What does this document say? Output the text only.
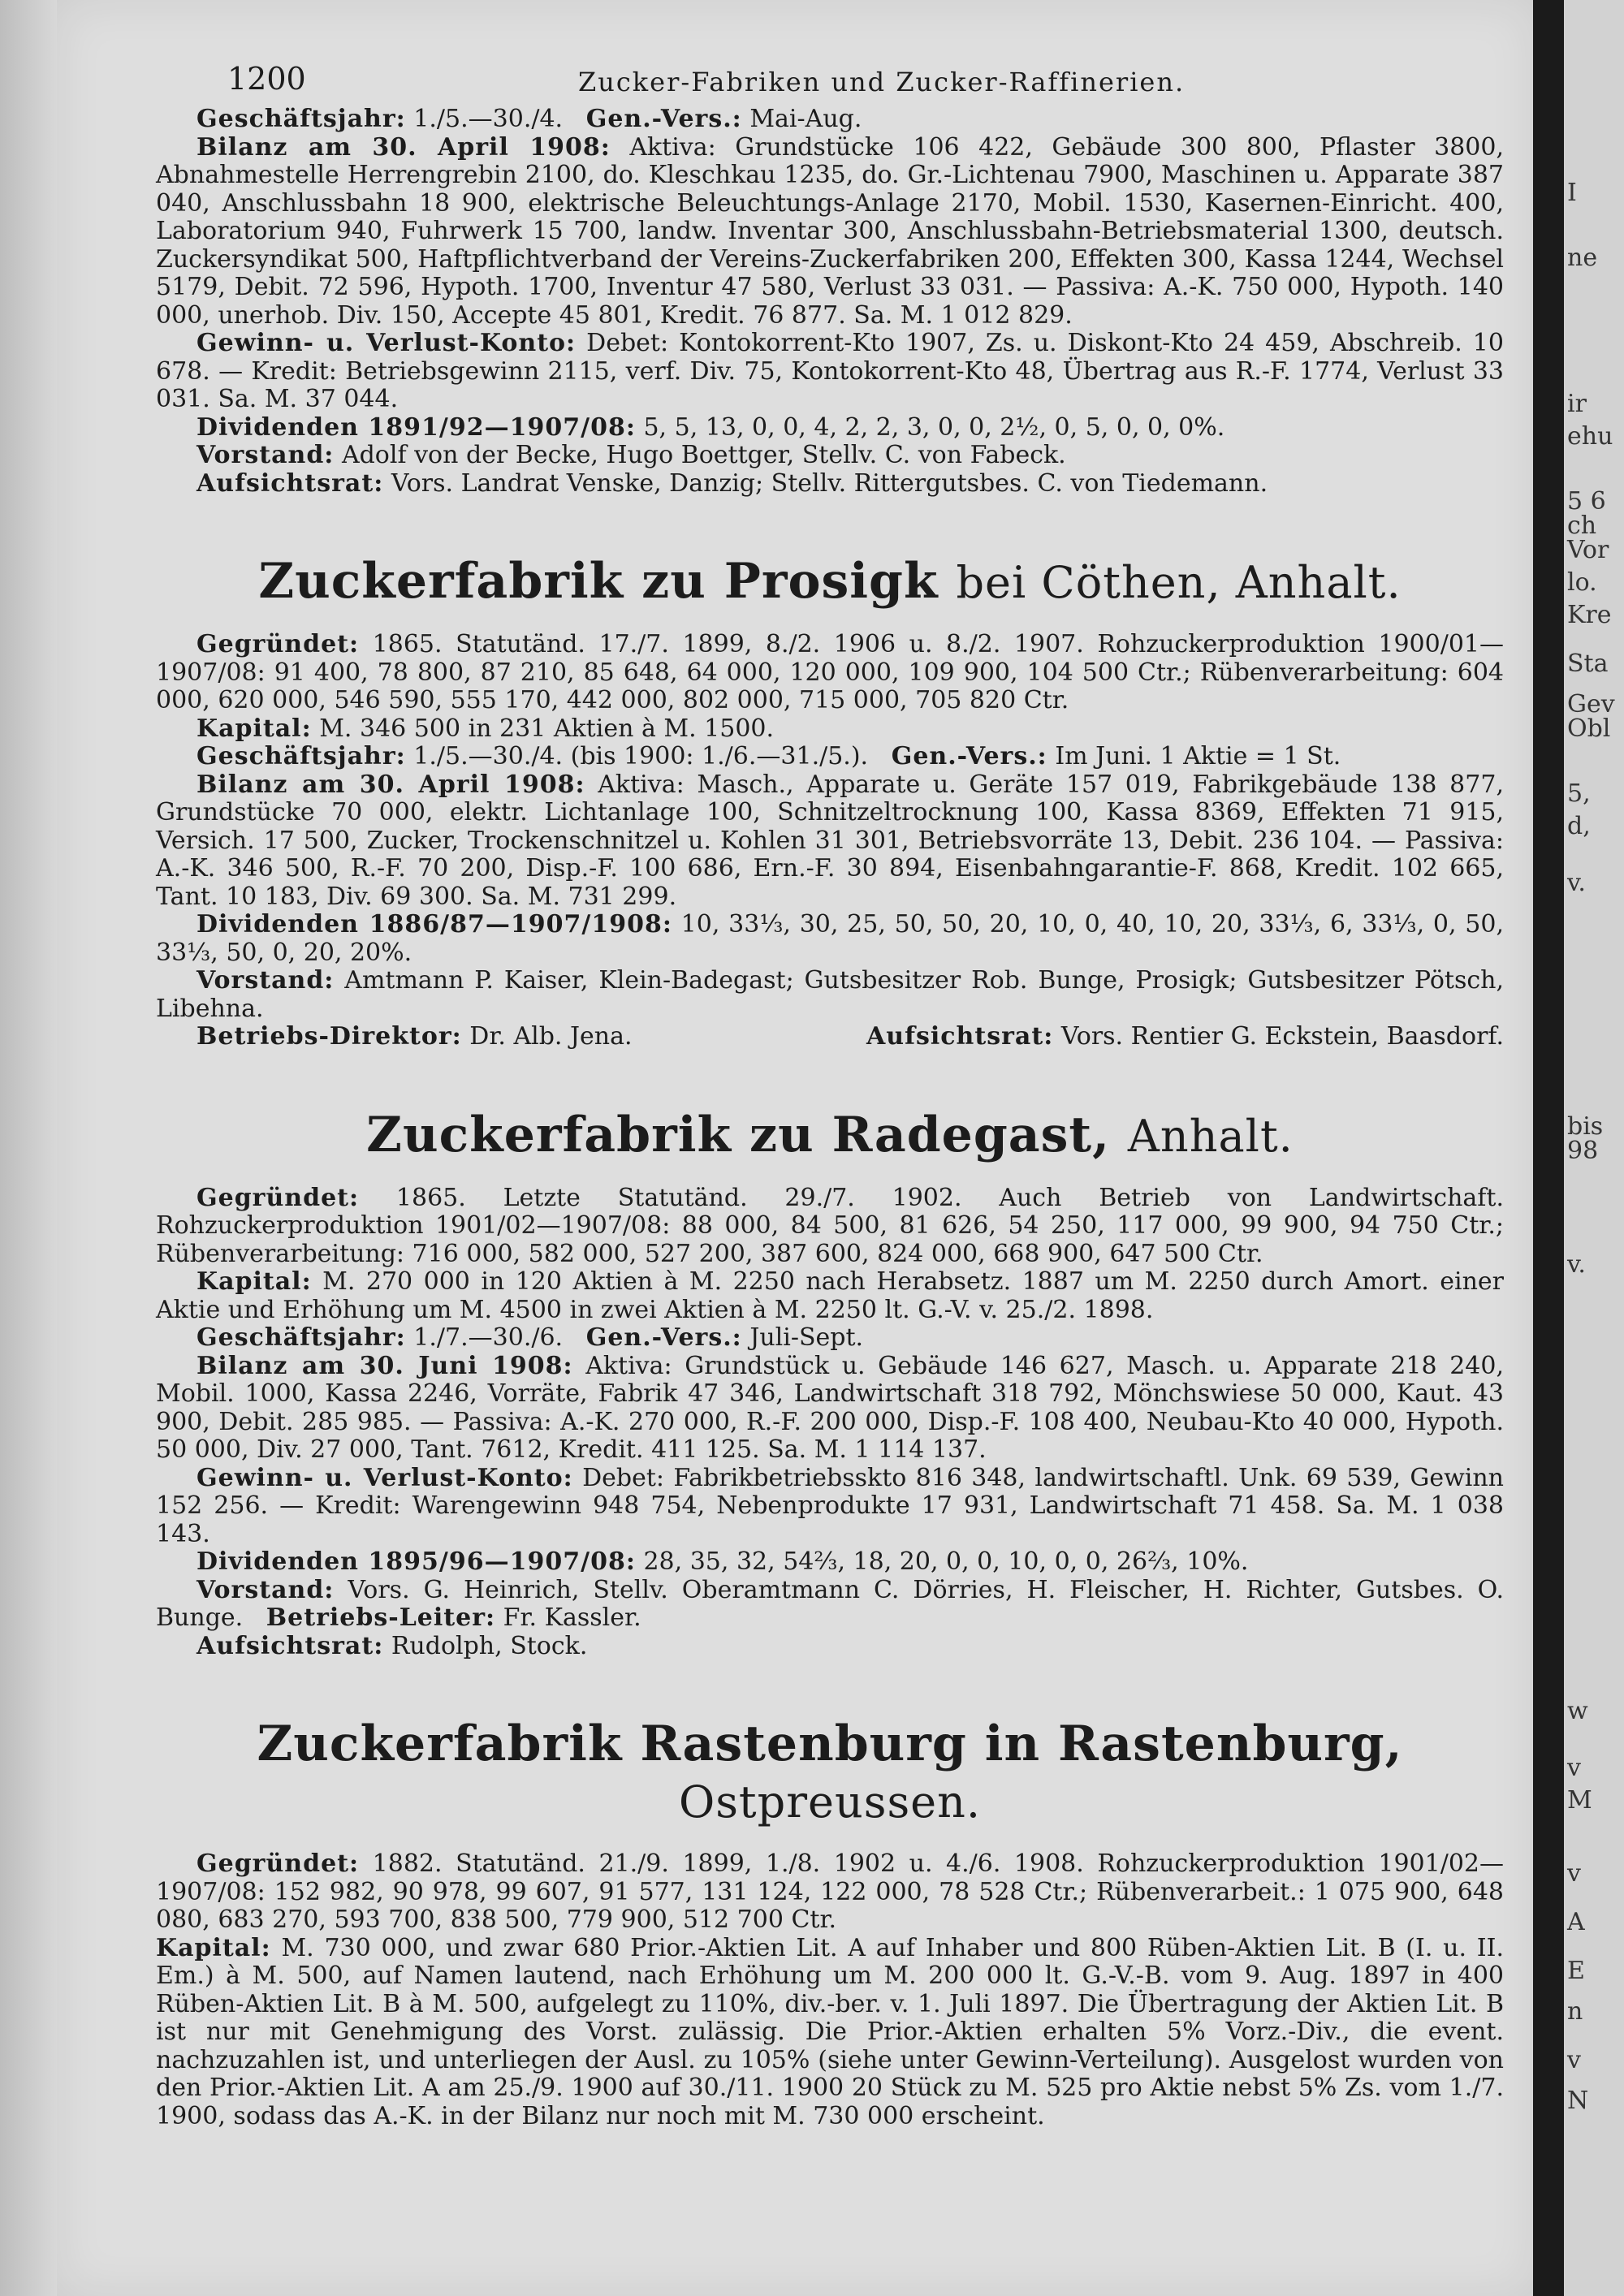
I
ne
ir
ehu
5 6
ch
Vor
lo.
Kre
Sta
Gev
Obl
5,
d,
v.
bis
98
v.
w
v
M
v
A
E
n
v
N
1200	Zucker-Fabriken und Zucker-Raffinerien.

Geschäftsjahr: 1./5.—30./4. Gen.-Vers.: Mai-Aug.

Bilanz am 30. April 1908: Aktiva: Grundstücke 106 422, Gebäude 300 800, Pflaster 3800, Abnahmestelle Herrengrebin 2100, do. Kleschkau 1235, do. Gr.-Lichtenau 7900, Maschinen u. Apparate 387 040, Anschlussbahn 18 900, elektrische Beleuchtungs-Anlage 2170, Mobil. 1530, Kasernen-Einricht. 400, Laboratorium 940, Fuhrwerk 15 700, landw. Inventar 300, Anschlussbahn-Betriebsmaterial 1300, deutsch. Zuckersyndikat 500, Haftpflichtverband der Vereins-Zuckerfabriken 200, Effekten 300, Kassa 1244, Wechsel 5179, Debit. 72 596, Hypoth. 1700, Inventur 47 580, Verlust 33 031. — Passiva: A.-K. 750 000, Hypoth. 140 000, unerhob. Div. 150, Accepte 45 801, Kredit. 76 877. Sa. M. 1 012 829.

Gewinn- u. Verlust-Konto: Debet: Kontokorrent-Kto 1907, Zs. u. Diskont-Kto 24 459, Abschreib. 10 678. — Kredit: Betriebsgewinn 2115, verf. Div. 75, Kontokorrent-Kto 48, Übertrag aus R.-F. 1774, Verlust 33 031. Sa. M. 37 044.

Dividenden 1891/92—1907/08: 5, 5, 13, 0, 0, 4, 2, 2, 3, 0, 0, 2½, 0, 5, 0, 0, 0%.

Vorstand: Adolf von der Becke, Hugo Boettger, Stellv. C. von Fabeck.

Aufsichtsrat: Vors. Landrat Venske, Danzig; Stellv. Rittergutsbes. C. von Tiedemann.

Zuckerfabrik zu Prosigk bei Cöthen, Anhalt.

Gegründet: 1865. Statutänd. 17./7. 1899, 8./2. 1906 u. 8./2. 1907. Rohzuckerproduktion 1900/01—1907/08: 91 400, 78 800, 87 210, 85 648, 64 000, 120 000, 109 900, 104 500 Ctr.; Rübenverarbeitung: 604 000, 620 000, 546 590, 555 170, 442 000, 802 000, 715 000, 705 820 Ctr.

Kapital: M. 346 500 in 231 Aktien à M. 1500.

Geschäftsjahr: 1./5.—30./4. (bis 1900: 1./6.—31./5.). Gen.-Vers.: Im Juni. 1 Aktie = 1 St.

Bilanz am 30. April 1908: Aktiva: Masch., Apparate u. Geräte 157 019, Fabrikgebäude 138 877, Grundstücke 70 000, elektr. Lichtanlage 100, Schnitzeltrocknung 100, Kassa 8369, Effekten 71 915, Versich. 17 500, Zucker, Trockenschnitzel u. Kohlen 31 301, Betriebsvorräte 13, Debit. 236 104. — Passiva: A.-K. 346 500, R.-F. 70 200, Disp.-F. 100 686, Ern.-F. 30 894, Eisenbahngarantie-F. 868, Kredit. 102 665, Tant. 10 183, Div. 69 300. Sa. M. 731 299.

Dividenden 1886/87—1907/1908: 10, 33⅓, 30, 25, 50, 50, 20, 10, 0, 40, 10, 20, 33⅓, 6, 33⅓, 0, 50, 33⅓, 50, 0, 20, 20%.

Vorstand: Amtmann P. Kaiser, Klein-Badegast; Gutsbesitzer Rob. Bunge, Prosigk; Gutsbesitzer Pötsch, Libehna.

Betriebs-Direktor: Dr. Alb. Jena.	Aufsichtsrat: Vors. Rentier G. Eckstein, Baasdorf.
Zuckerfabrik zu Radegast, Anhalt.

Gegründet: 1865. Letzte Statutänd. 29./7. 1902. Auch Betrieb von Landwirtschaft. Rohzuckerproduktion 1901/02—1907/08: 88 000, 84 500, 81 626, 54 250, 117 000, 99 900, 94 750 Ctr.; Rübenverarbeitung: 716 000, 582 000, 527 200, 387 600, 824 000, 668 900, 647 500 Ctr.

Kapital: M. 270 000 in 120 Aktien à M. 2250 nach Herabsetz. 1887 um M. 2250 durch Amort. einer Aktie und Erhöhung um M. 4500 in zwei Aktien à M. 2250 lt. G.-V. v. 25./2. 1898.

Geschäftsjahr: 1./7.—30./6. Gen.-Vers.: Juli-Sept.

Bilanz am 30. Juni 1908: Aktiva: Grundstück u. Gebäude 146 627, Masch. u. Apparate 218 240, Mobil. 1000, Kassa 2246, Vorräte, Fabrik 47 346, Landwirtschaft 318 792, Mönchswiese 50 000, Kaut. 43 900, Debit. 285 985. — Passiva: A.-K. 270 000, R.-F. 200 000, Disp.-F. 108 400, Neubau-Kto 40 000, Hypoth. 50 000, Div. 27 000, Tant. 7612, Kredit. 411 125. Sa. M. 1 114 137.

Gewinn- u. Verlust-Konto: Debet: Fabrikbetriebsskto 816 348, landwirtschaftl. Unk. 69 539, Gewinn 152 256. — Kredit: Warengewinn 948 754, Nebenprodukte 17 931, Landwirtschaft 71 458. Sa. M. 1 038 143.

Dividenden 1895/96—1907/08: 28, 35, 32, 54⅔, 18, 20, 0, 0, 10, 0, 0, 26⅔, 10%.

Vorstand: Vors. G. Heinrich, Stellv. Oberamtmann C. Dörries, H. Fleischer, H. Richter, Gutsbes. O. Bunge. Betriebs-Leiter: Fr. Kassler.

Aufsichtsrat: Rudolph, Stock.

Zuckerfabrik Rastenburg in Rastenburg, Ostpreussen.

Gegründet: 1882. Statutänd. 21./9. 1899, 1./8. 1902 u. 4./6. 1908. Rohzuckerproduktion 1901/02—1907/08: 152 982, 90 978, 99 607, 91 577, 131 124, 122 000, 78 528 Ctr.; Rübenverarbeit.: 1 075 900, 648 080, 683 270, 593 700, 838 500, 779 900, 512 700 Ctr.

Kapital: M. 730 000, und zwar 680 Prior.-Aktien Lit. A auf Inhaber und 800 Rüben-Aktien Lit. B (I. u. II. Em.) à M. 500, auf Namen lautend, nach Erhöhung um M. 200 000 lt. G.-V.-B. vom 9. Aug. 1897 in 400 Rüben-Aktien Lit. B à M. 500, aufgelegt zu 110%, div.-ber. v. 1. Juli 1897. Die Übertragung der Aktien Lit. B ist nur mit Genehmigung des Vorst. zulässig. Die Prior.-Aktien erhalten 5% Vorz.-Div., die event. nachzuzahlen ist, und unterliegen der Ausl. zu 105% (siehe unter Gewinn-Verteilung). Ausgelost wurden von den Prior.-Aktien Lit. A am 25./9. 1900 auf 30./11. 1900 20 Stück zu M. 525 pro Aktie nebst 5% Zs. vom 1./7. 1900, sodass das A.-K. in der Bilanz nur noch mit M. 730 000 erscheint.
